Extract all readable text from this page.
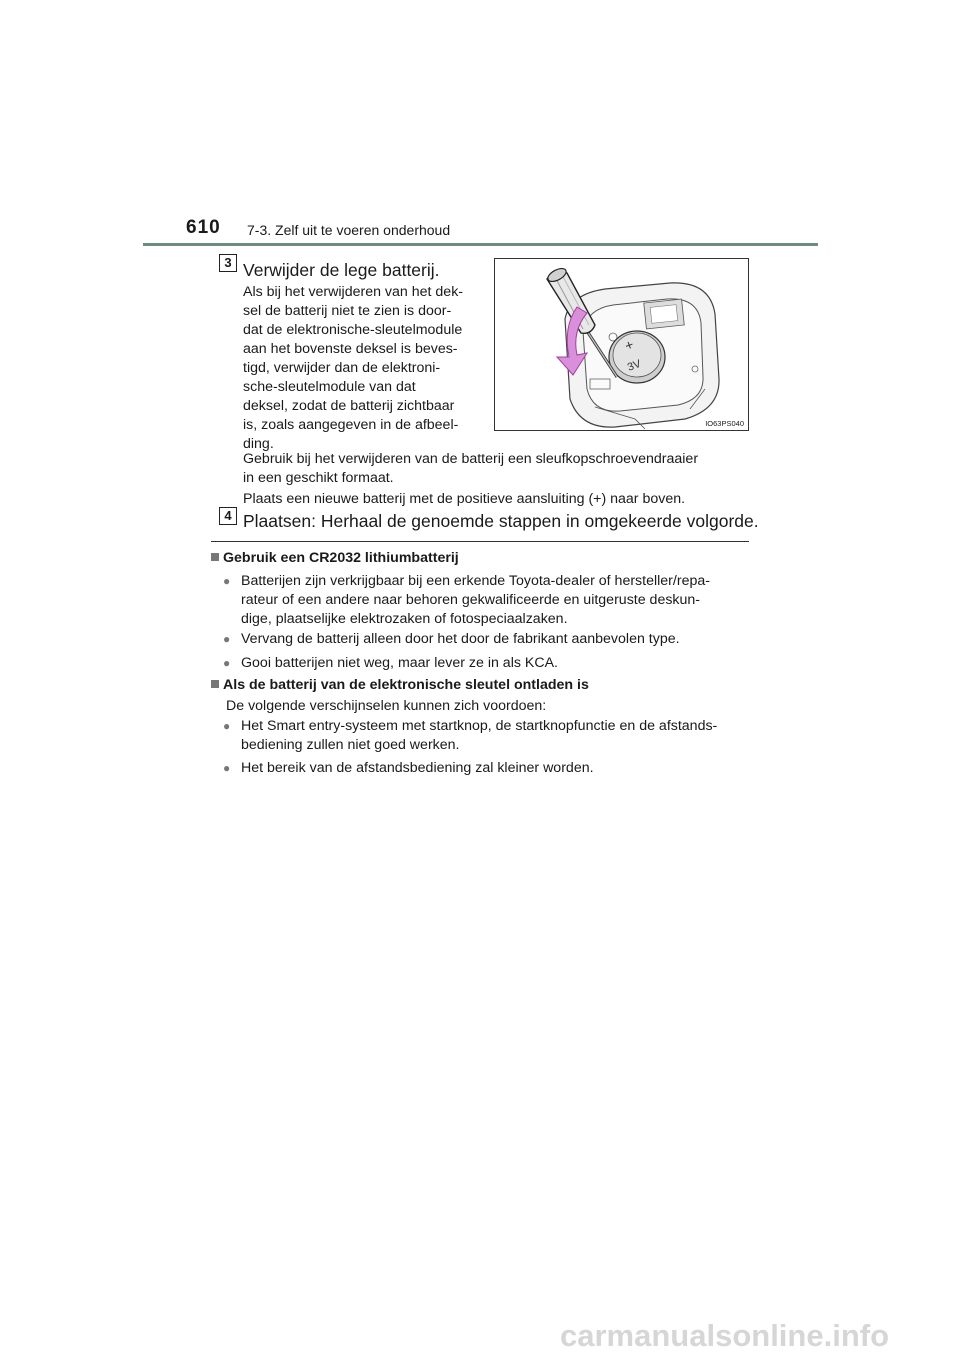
610 7-3. Zelf uit te voeren onderhoud
3 Verwijder de lege batterij.
Als bij het verwijderen van het dek-
sel de batterij niet te zien is door-
dat de elektronische-sleutelmodule
aan het bovenste deksel is beves-
tigd, verwijder dan de elektroni-
sche-sleutelmodule van dat
deksel, zodat de batterij zichtbaar
is, zoals aangegeven in de afbeel-
ding.
+
3V
IO63PS040
Gebruik bij het verwijderen van de batterij een sleufkopschroevendraaier
in een geschikt formaat.
Plaats een nieuwe batterij met de positieve aansluiting (+) naar boven.
4 Plaatsen: Herhaal de genoemde stappen in omgekeerde volgorde.
Gebruik een CR2032 lithiumbatterij
● Batterijen zijn verkrijgbaar bij een erkende Toyota-dealer of hersteller/repa-
rateur of een andere naar behoren gekwalificeerde en uitgeruste deskun-
dige, plaatselijke elektrozaken of fotospeciaalzaken.
● Vervang de batterij alleen door het door de fabrikant aanbevolen type.
● Gooi batterijen niet weg, maar lever ze in als KCA.
Als de batterij van de elektronische sleutel ontladen is
De volgende verschijnselen kunnen zich voordoen:
● Het Smart entry-systeem met startknop, de startknopfunctie en de afstands-
bediening zullen niet goed werken.
● Het bereik van de afstandsbediening zal kleiner worden.
carmanualsonline.info
